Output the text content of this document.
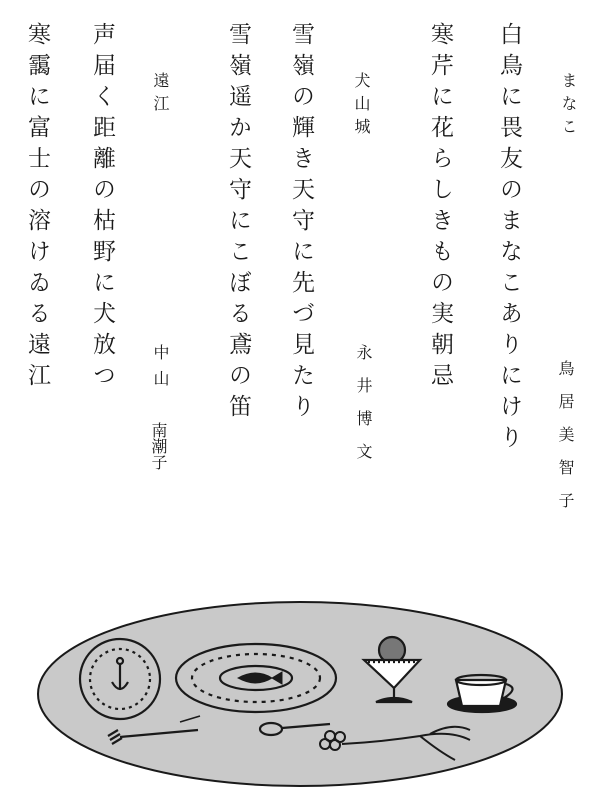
まなこ
鳥居美智子
白鳥に畏友のまなこありにけり
寒芹に花らしきもの実朝忌
犬山城
永井博文
雪嶺の輝き天守に先づ見たり
雪嶺遥か天守にこぼる鳶の笛
遠江
中山
南潮子
声届く距離の枯野に犬放つ
寒靄に富士の溶けゐる遠江
